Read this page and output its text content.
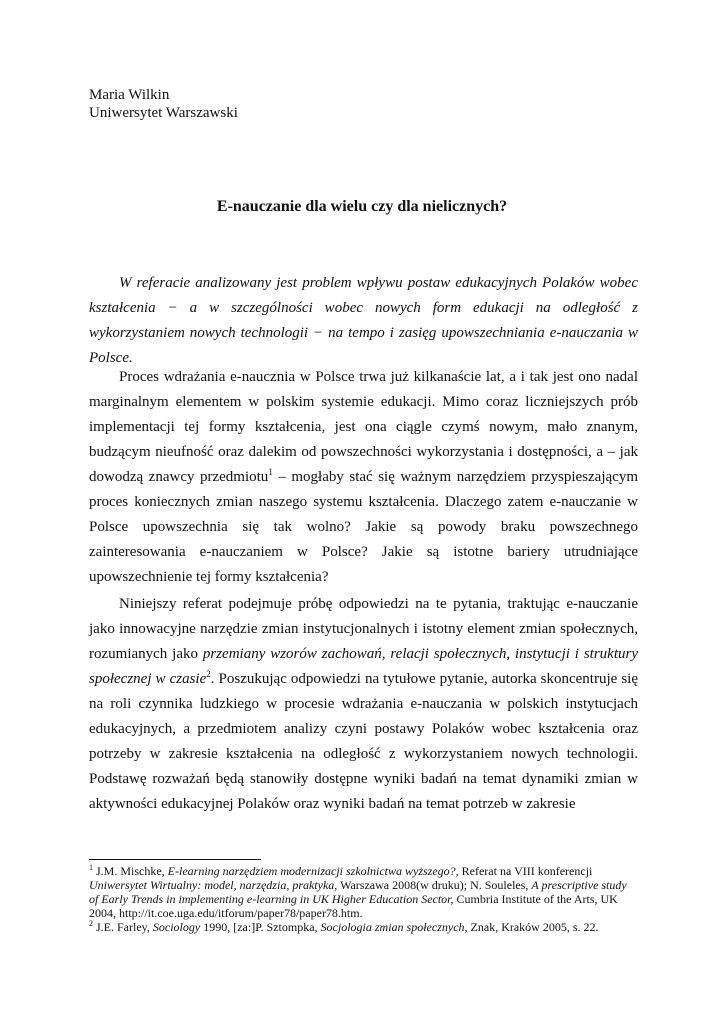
Maria Wilkin
Uniwersytet Warszawski
E-nauczanie dla wielu czy dla nielicznych?

W referacie analizowany jest problem wpływu postaw edukacyjnych Polaków wobec kształcenia − a w szczególności wobec nowych form edukacji na odległość z wykorzystaniem nowych technologii − na tempo i zasięg upowszechniania e-nauczania w Polsce.

Proces wdrażania e-naucznia w Polsce trwa już kilkanaście lat, a i tak jest ono nadal marginalnym elementem w polskim systemie edukacji. Mimo coraz liczniejszych prób implementacji tej formy kształcenia, jest ona ciągle czymś nowym, mało znanym, budzącym nieufność oraz dalekim od powszechności wykorzystania i dostępności, a – jak dowodzą znawcy przedmiotu$^1$ – mogłaby stać się ważnym narzędziem przyspieszającym proces koniecznych zmian naszego systemu kształcenia. Dlaczego zatem e-nauczanie w Polsce upowszechnia się tak wolno? Jakie są powody braku powszechnego zainteresowania e-nauczaniem w Polsce? Jakie są istotne bariery utrudniające upowszechnienie tej formy kształcenia?

Niniejszy referat podejmuje próbę odpowiedzi na te pytania, traktując e-nauczanie jako innowacyjne narzędzie zmian instytucjonalnych i istotny element zmian społecznych, rozumianych jako przemiany wzorów zachowań, relacji społecznych, instytucji i struktury społecznej w czasie$^2$. Poszukując odpowiedzi na tytułowe pytanie, autorka skoncentruje się na roli czynnika ludzkiego w procesie wdrażania e-nauczania w polskich instytucjach edukacyjnych, a przedmiotem analizy czyni postawy Polaków wobec kształcenia oraz potrzeby w zakresie kształcenia na odległość z wykorzystaniem nowych technologii. Podstawę rozważań będą stanowiły dostępne wyniki badań na temat dynamiki zmian w aktywności edukacyjnej Polaków oraz wyniki badań na temat potrzeb w zakresie

$^1$ J.M. Mischke, E-learning narzędziem modernizacji szkolnictwa wyższego?, Referat na VIII konferencji Uniwersytet Wirtualny: model, narzędzia, praktyka, Warszawa 2008(w druku); N. Souleles, A prescriptive study of Early Trends in implementing e-learning in UK Higher Education Sector, Cumbria Institute of the Arts, UK 2004, http://it.coe.uga.edu/itforum/paper78/paper78.htm.
$^2$ J.E. Farley, Sociology 1990, [za:]P. Sztompka, Socjologia zmian społecznych, Znak, Kraków 2005, s. 22.
